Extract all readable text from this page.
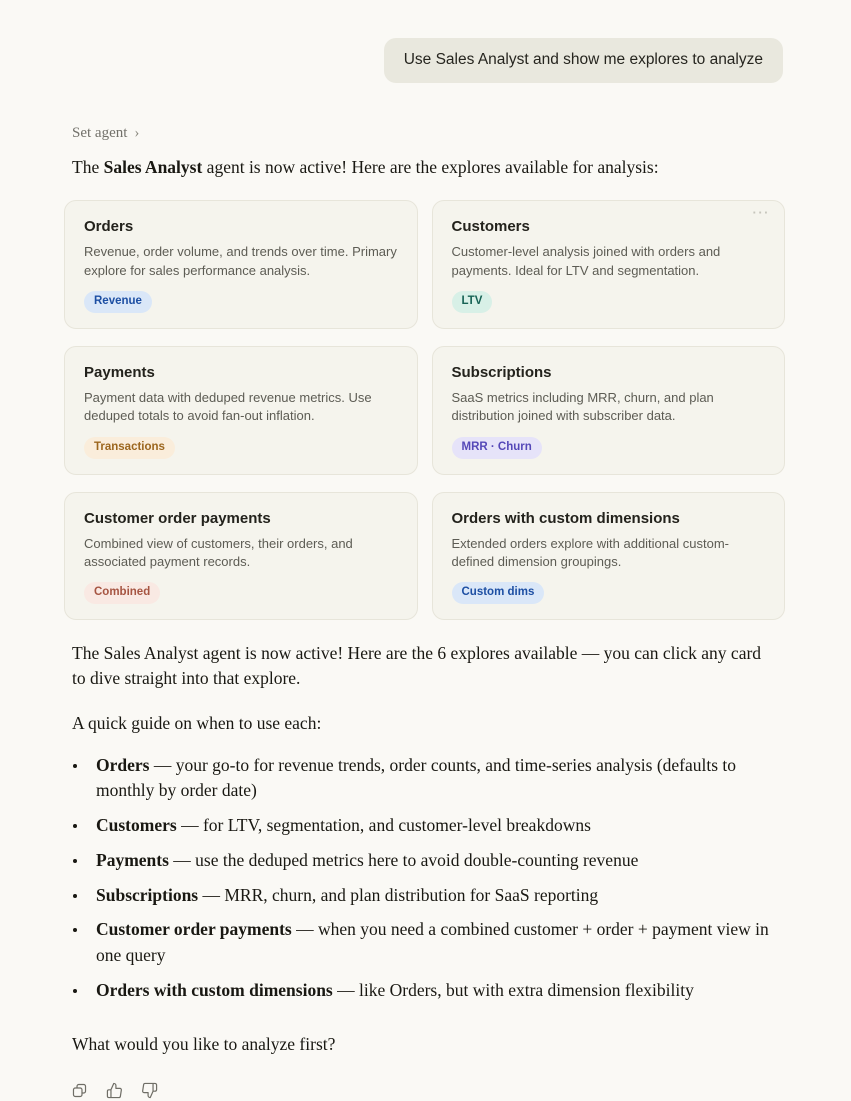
Use Sales Analyst and show me explores to analyze
Set agent ›

The Sales Analyst agent is now active! Here are the explores available for analysis:

Orders
Revenue, order volume, and trends over time. Primary explore for sales performance analysis.
Revenue
···
Customers
Customer-level analysis joined with orders and payments. Ideal for LTV and segmentation.
LTV
Payments
Payment data with deduped revenue metrics. Use deduped totals to avoid fan-out inflation.
Transactions
Subscriptions
SaaS metrics including MRR, churn, and plan distribution joined with subscriber data.
MRR · Churn
Customer order payments
Combined view of customers, their orders, and associated payment records.
Combined
Orders with custom dimensions
Extended orders explore with additional custom-defined dimension groupings.
Custom dims

The Sales Analyst agent is now active! Here are the 6 explores available — you can click any card to dive straight into that explore.

A quick guide on when to use each:

Orders — your go-to for revenue trends, order counts, and time-series analysis (defaults to monthly by order date)
Customers — for LTV, segmentation, and customer-level breakdowns
Payments — use the deduped metrics here to avoid double-counting revenue
Subscriptions — MRR, churn, and plan distribution for SaaS reporting
Customer order payments — when you need a combined customer + order + payment view in one query
Orders with custom dimensions — like Orders, but with extra dimension flexibility

What would you like to analyze first?
